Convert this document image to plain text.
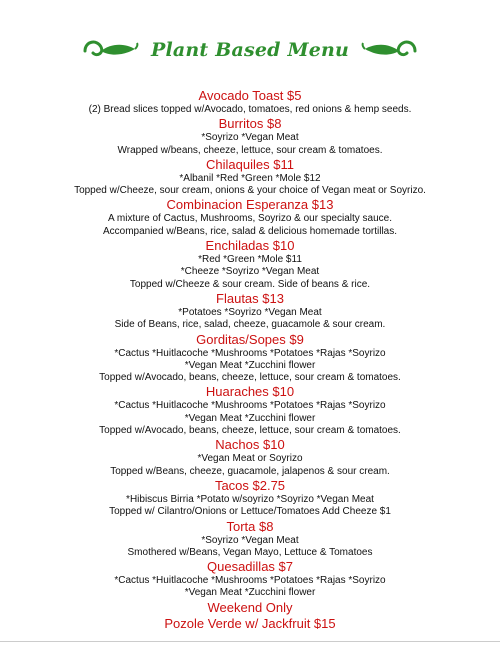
Plant Based Menu
Avocado Toast $5
(2) Bread slices topped w/Avocado, tomatoes, red onions & hemp seeds.
Burritos $8
*Soyrizo *Vegan Meat
Wrapped w/beans, cheeze, lettuce, sour cream & tomatoes.
Chilaquiles $11
*Albanil *Red *Green *Mole $12
Topped w/Cheeze, sour cream, onions & your choice of Vegan meat or Soyrizo.
Combinacion Esperanza $13
A mixture of Cactus, Mushrooms, Soyrizo & our specialty sauce.
Accompanied w/Beans, rice, salad & delicious homemade tortillas.
Enchiladas $10
*Red *Green *Mole $11
*Cheeze *Soyrizo *Vegan Meat
Topped w/Cheeze & sour cream. Side of beans & rice.
Flautas $13
*Potatoes *Soyrizo *Vegan Meat
Side of Beans, rice, salad, cheeze, guacamole & sour cream.
Gorditas/Sopes $9
*Cactus *Huitlacoche *Mushrooms *Potatoes *Rajas *Soyrizo
*Vegan Meat *Zucchini flower
Topped w/Avocado, beans, cheeze, lettuce, sour cream & tomatoes.
Huaraches $10
*Cactus *Huitlacoche *Mushrooms *Potatoes *Rajas *Soyrizo
*Vegan Meat *Zucchini flower
Topped w/Avocado, beans, cheeze, lettuce, sour cream & tomatoes.
Nachos $10
*Vegan Meat or Soyrizo
Topped w/Beans, cheeze, guacamole, jalapenos & sour cream.
Tacos $2.75
*Hibiscus Birria *Potato w/soyrizo *Soyrizo *Vegan Meat
Topped w/ Cilantro/Onions or Lettuce/Tomatoes Add Cheeze $1
Torta $8
*Soyrizo *Vegan Meat
Smothered w/Beans, Vegan Mayo, Lettuce & Tomatoes
Quesadillas $7
*Cactus *Huitlacoche *Mushrooms *Potatoes *Rajas *Soyrizo
*Vegan Meat *Zucchini flower
Weekend Only
Pozole Verde w/ Jackfruit $15
